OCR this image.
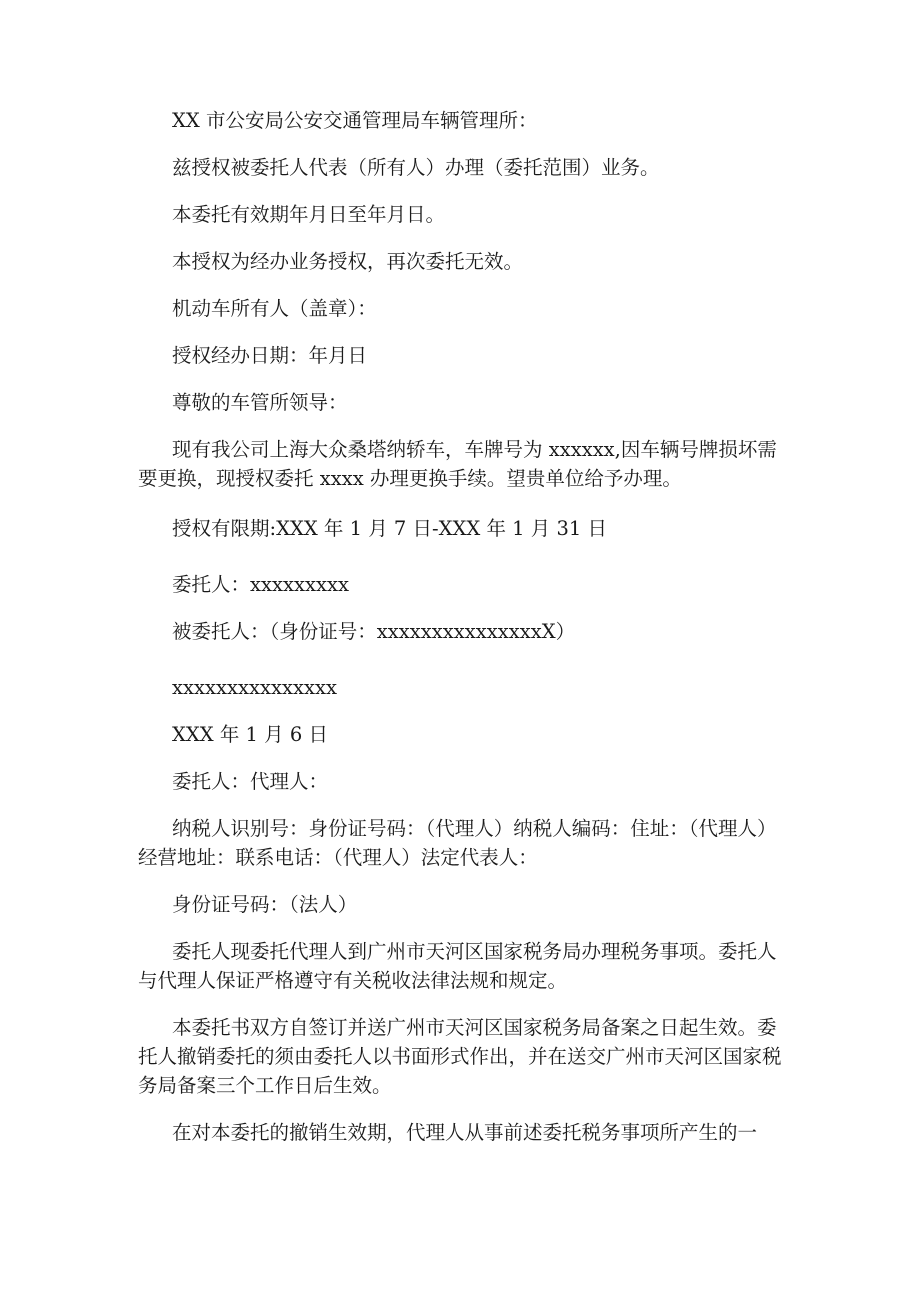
XX 市公安局公安交通管理局车辆管理所：

兹授权被委托人代表（所有人）办理（委托范围）业务。

本委托有效期年月日至年月日。

本授权为经办业务授权，再次委托无效。

机动车所有人（盖章）：

授权经办日期：年月日

尊敬的车管所领导：

现有我公司上海大众桑塔纳轿车，车牌号为 xxxxxx,因车辆号牌损坏需要更换，现授权委托 xxxx 办理更换手续。望贵单位给予办理。

授权有限期:XXX 年 1 月 7 日-XXX 年 1 月 31 日

委托人：xxxxxxxxx

被委托人：（身份证号：xxxxxxxxxxxxxxxX）

xxxxxxxxxxxxxxx

XXX 年 1 月 6 日

委托人：代理人：

纳税人识别号：身份证号码：（代理人）纳税人编码：住址：（代理人）经营地址：联系电话：（代理人）法定代表人：

身份证号码：（法人）

委托人现委托代理人到广州市天河区国家税务局办理税务事项。委托人与代理人保证严格遵守有关税收法律法规和规定。

本委托书双方自签订并送广州市天河区国家税务局备案之日起生效。委托人撤销委托的须由委托人以书面形式作出，并在送交广州市天河区国家税务局备案三个工作日后生效。

在对本委托的撤销生效期，代理人从事前述委托税务事项所产生的一
